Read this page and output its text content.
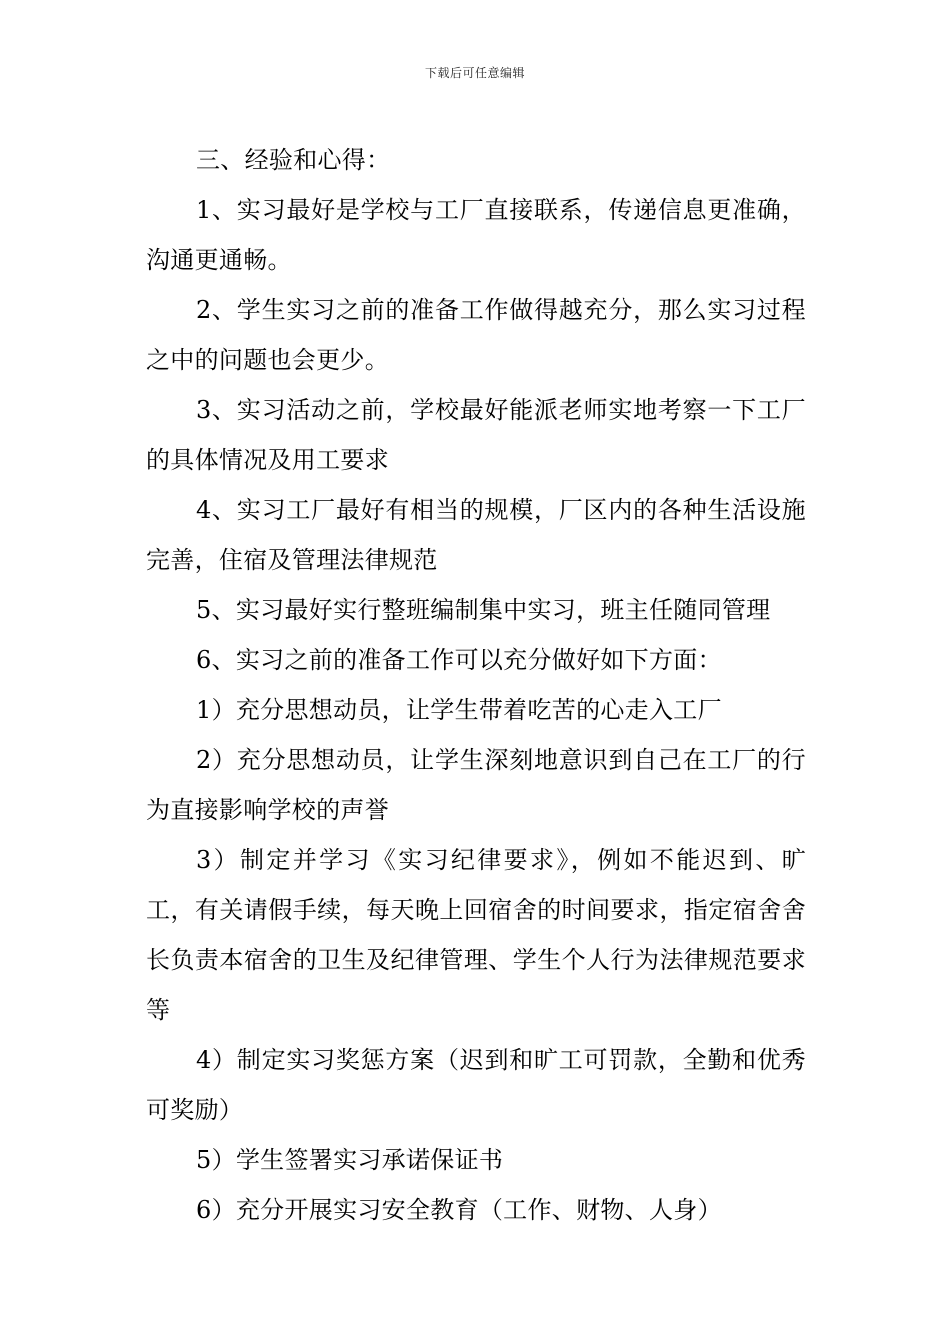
下载后可任意编辑

三、经验和心得：

1、实习最好是学校与工厂直接联系，传递信息更准确，沟通更通畅。

2、学生实习之前的准备工作做得越充分，那么实习过程之中的问题也会更少。

3、实习活动之前，学校最好能派老师实地考察一下工厂的具体情况及用工要求

4、实习工厂最好有相当的规模，厂区内的各种生活设施完善，住宿及管理法律规范

5、实习最好实行整班编制集中实习，班主任随同管理

6、实习之前的准备工作可以充分做好如下方面：

1）充分思想动员，让学生带着吃苦的心走入工厂

2）充分思想动员，让学生深刻地意识到自己在工厂的行为直接影响学校的声誉

3）制定并学习《实习纪律要求》，例如不能迟到、旷工，有关请假手续，每天晚上回宿舍的时间要求，指定宿舍舍长负责本宿舍的卫生及纪律管理、学生个人行为法律规范要求等

4）制定实习奖惩方案（迟到和旷工可罚款，全勤和优秀可奖励）

5）学生签署实习承诺保证书

6）充分开展实习安全教育（工作、财物、人身）
